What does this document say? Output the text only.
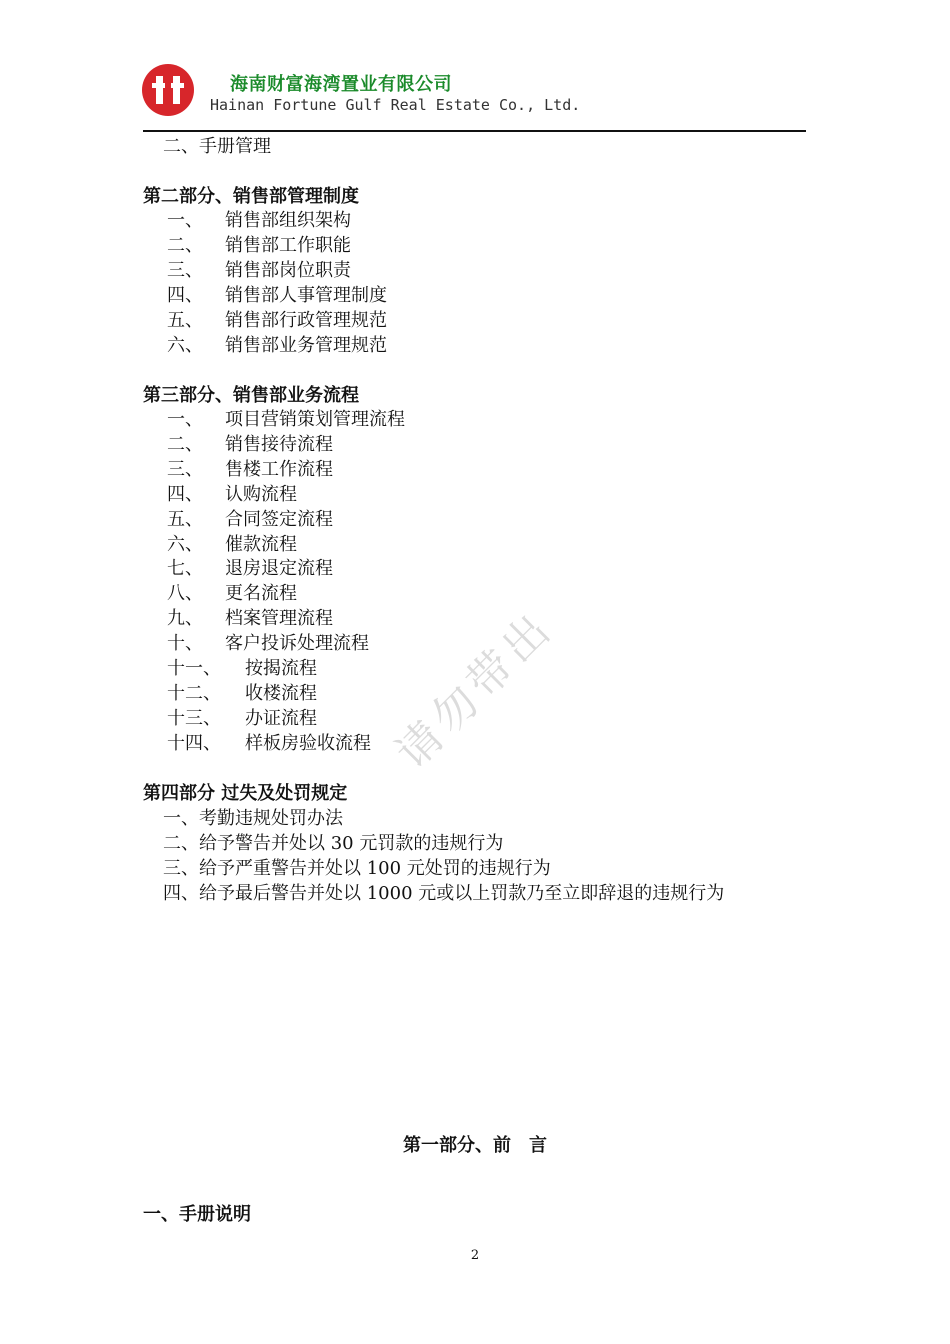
海南财富海湾置业有限公司
Hainan Fortune Gulf Real Estate Co., Ltd.
二、手册管理
第二部分、销售部管理制度
一、 销售部组织架构
二、 销售部工作职能
三、 销售部岗位职责
四、 销售部人事管理制度
五、 销售部行政管理规范
六、 销售部业务管理规范
第三部分、销售部业务流程
一、 项目营销策划管理流程
二、 销售接待流程
三、 售楼工作流程
四、 认购流程
五、 合同签定流程
六、 催款流程
七、 退房退定流程
八、 更名流程
九、 档案管理流程
十、 客户投诉处理流程
十一、 按揭流程
十二、 收楼流程
十三、 办证流程
十四、 样板房验收流程 请勿带出
第四部分 过失及处罚规定
一、考勤违规处罚办法
二、给予警告并处以 30 元罚款的违规行为
三、给予严重警告并处以 100 元处罚的违规行为
四、给予最后警告并处以 1000 元或以上罚款乃至立即辞退的违规行为
第一部分、前　言
一、手册说明
2
